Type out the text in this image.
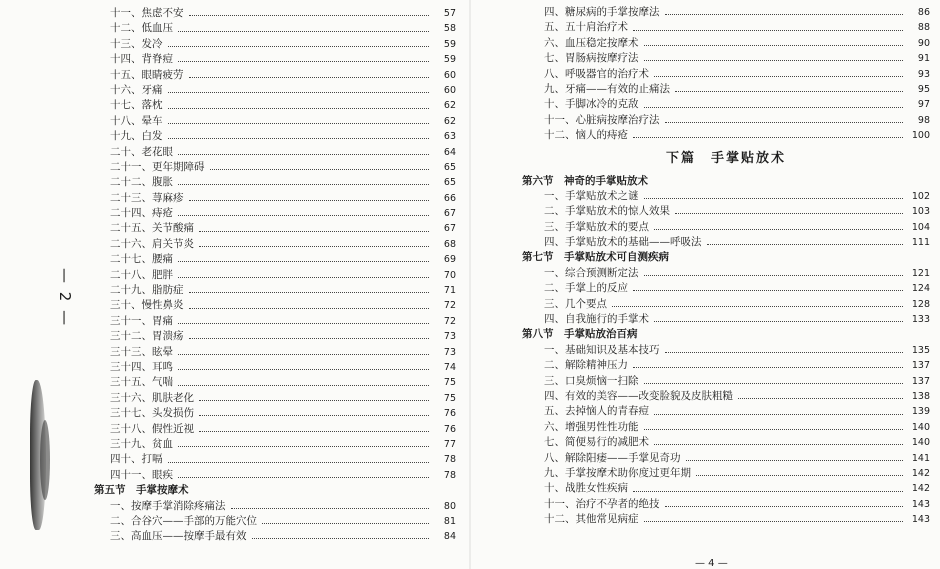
— 2 —
十一、焦虑不安	57
十二、低血压	58
十三、发冷	59
十四、背脊痘	59
十五、眼睛疲劳	60
十六、牙痛	60
十七、落枕	62
十八、晕车	62
十九、白发	63
二十、老花眼	64
二十一、更年期障碍	65
二十二、腹胀	65
二十三、荨麻疹	66
二十四、痔疮	67
二十五、关节酸痛	67
二十六、肩关节炎	68
二十七、腰痛	69
二十八、肥胖	70
二十九、脂肪症	71
三十、慢性鼻炎	72
三十一、胃痛	72
三十二、胃溃疡	73
三十三、眩晕	73
三十四、耳鸣	74
三十五、气喘	75
三十六、肌肤老化	75
三十七、头发损伤	76
三十八、假性近视	76
三十九、贫血	77
四十、打嗝	78
四十一、眼疾	78
第五节　手掌按摩术
一、按摩手掌消除疼痛法	80
二、合谷穴——手部的万能穴位	81
三、高血压——按摩手最有效	84
四、糖尿病的手掌按摩法	86
五、五十肩治疗术	88
六、血压稳定按摩术	90
七、胃肠病按摩疗法	91
八、呼吸器官的治疗术	93
九、牙痛——有效的止痛法	95
十、手脚冰冷的克敌	97
十一、心脏病按摩治疗法	98
十二、恼人的痔疮	100
下篇　手掌贴放术
第六节　神奇的手掌贴放术
一、手掌贴放术之谜	102
二、手掌贴放术的惊人效果	103
三、手掌贴放术的要点	104
四、手掌贴放术的基础——呼吸法	111
第七节　手掌贴放术可自测疾病
一、综合预测断定法	121
二、手掌上的反应	124
三、几个要点	128
四、自我施行的手掌术	133
第八节　手掌贴放治百病
一、基础知识及基本技巧	135
二、解除精神压力	137
三、口臭烦恼一扫除	137
四、有效的美容——改变脸貌及皮肤粗糙	138
五、去掉恼人的青春痘	139
六、增强男性性功能	140
七、简便易行的减肥术	140
八、解除阳痿——手掌见奇功	141
九、手掌按摩术助你度过更年期	142
十、战胜女性疾病	142
十一、治疗不孕者的绝技	143
十二、其他常见病症	143
— 4 —
